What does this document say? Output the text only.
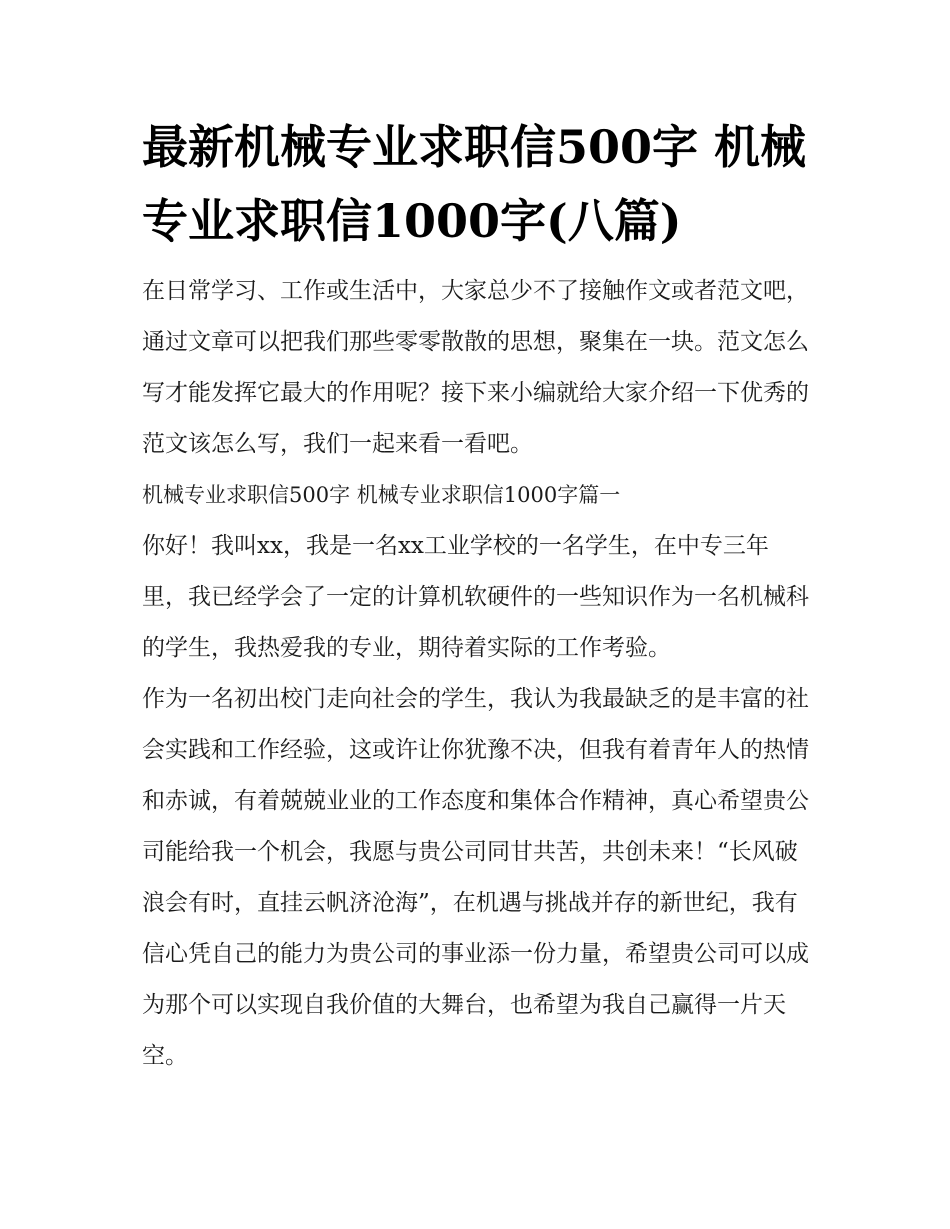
最新机械专业求职信500字 机械专业求职信1000字(八篇)

在日常学习、工作或生活中，大家总少不了接触作文或者范文吧，通过文章可以把我们那些零零散散的思想，聚集在一块。范文怎么写才能发挥它最大的作用呢？接下来小编就给大家介绍一下优秀的范文该怎么写，我们一起来看一看吧。

机械专业求职信500字 机械专业求职信1000字篇一

你好！我叫xx，我是一名xx工业学校的一名学生，在中专三年里，我已经学会了一定的计算机软硬件的一些知识作为一名机械科的学生，我热爱我的专业，期待着实际的工作考验。

作为一名初出校门走向社会的学生，我认为我最缺乏的是丰富的社会实践和工作经验，这或许让你犹豫不决，但我有着青年人的热情和赤诚，有着兢兢业业的工作态度和集体合作精神，真心希望贵公司能给我一个机会，我愿与贵公司同甘共苦，共创未来！“长风破浪会有时，直挂云帆济沧海”，在机遇与挑战并存的新世纪，我有信心凭自己的能力为贵公司的事业添一份力量，希望贵公司可以成为那个可以实现自我价值的大舞台，也希望为我自己赢得一片天空。
